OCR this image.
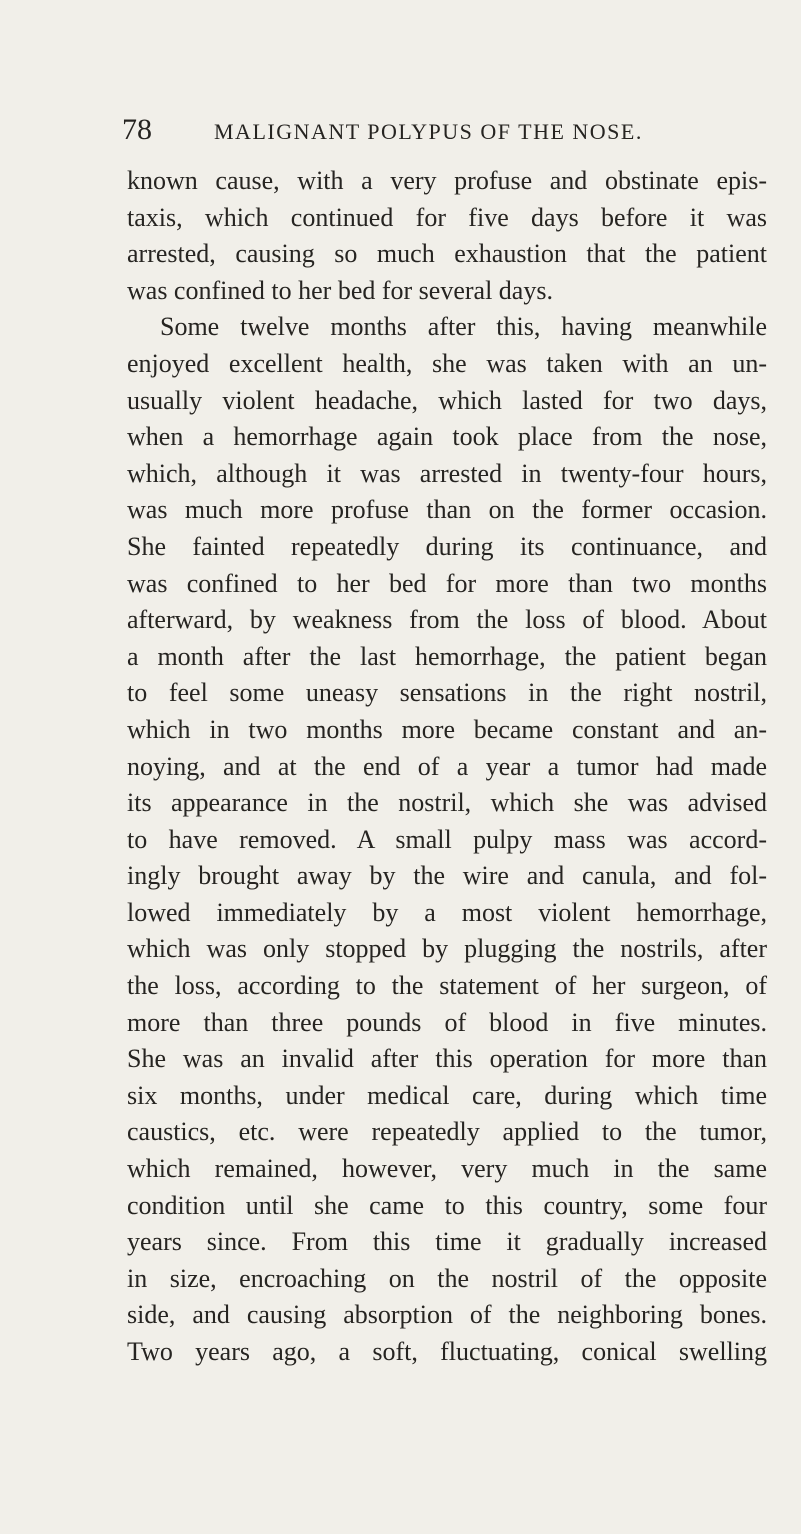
78	MALIGNANT POLYPUS OF THE NOSE.
known cause, with a very profuse and obstinate epis-
taxis, which continued for five days before it was
arrested, causing so much exhaustion that the patient
was confined to her bed for several days.
Some twelve months after this, having meanwhile
enjoyed excellent health, she was taken with an un-
usually violent headache, which lasted for two days,
when a hemorrhage again took place from the nose,
which, although it was arrested in twenty-four hours,
was much more profuse than on the former occasion.
She fainted repeatedly during its continuance, and
was confined to her bed for more than two months
afterward, by weakness from the loss of blood. About
a month after the last hemorrhage, the patient began
to feel some uneasy sensations in the right nostril,
which in two months more became constant and an-
noying, and at the end of a year a tumor had made
its appearance in the nostril, which she was advised
to have removed. A small pulpy mass was accord-
ingly brought away by the wire and canula, and fol-
lowed immediately by a most violent hemorrhage,
which was only stopped by plugging the nostrils, after
the loss, according to the statement of her surgeon, of
more than three pounds of blood in five minutes.
She was an invalid after this operation for more than
six months, under medical care, during which time
caustics, etc. were repeatedly applied to the tumor,
which remained, however, very much in the same
condition until she came to this country, some four
years since. From this time it gradually increased
in size, encroaching on the nostril of the opposite
side, and causing absorption of the neighboring bones.
Two years ago, a soft, fluctuating, conical swelling
